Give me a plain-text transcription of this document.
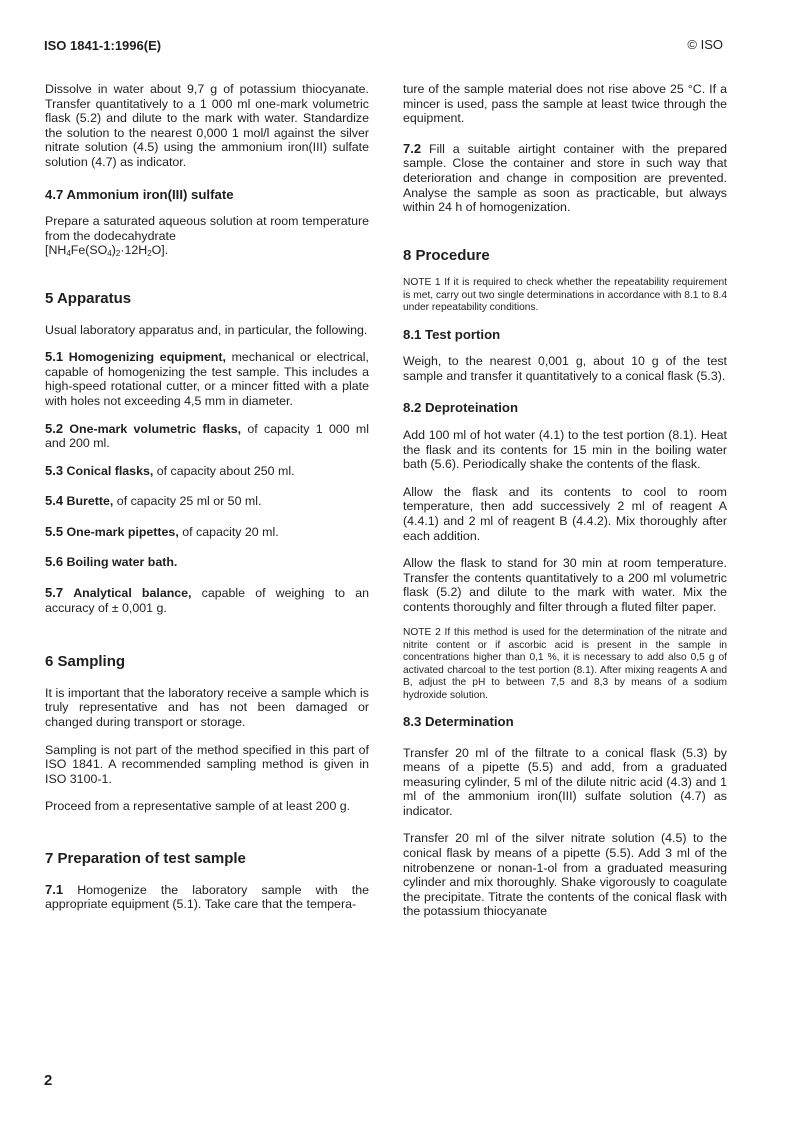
ISO 1841-1:1996(E)	© ISO

Dissolve in water about 9,7 g of potassium thiocyanate. Transfer quantitatively to a 1 000 ml one-mark volumetric flask (5.2) and dilute to the mark with water. Standardize the solution to the nearest 0,000 1 mol/l against the silver nitrate solution (4.5) using the ammonium iron(III) sulfate solution (4.7) as indicator.

4.7 Ammonium iron(III) sulfate

Prepare a saturated aqueous solution at room temperature from the dodecahydrate
$[NH_4Fe(SO_4)_2\cdot 12H_2O]$.

5 Apparatus

Usual laboratory apparatus and, in particular, the following.

5.1 Homogenizing equipment, mechanical or electrical, capable of homogenizing the test sample. This includes a high-speed rotational cutter, or a mincer fitted with a plate with holes not exceeding 4,5 mm in diameter.

5.2 One-mark volumetric flasks, of capacity 1 000 ml and 200 ml.

5.3 Conical flasks, of capacity about 250 ml.

5.4 Burette, of capacity 25 ml or 50 ml.

5.5 One-mark pipettes, of capacity 20 ml.

5.6 Boiling water bath.

5.7 Analytical balance, capable of weighing to an accuracy of ± 0,001 g.

6 Sampling

It is important that the laboratory receive a sample which is truly representative and has not been damaged or changed during transport or storage.

Sampling is not part of the method specified in this part of ISO 1841. A recommended sampling method is given in ISO 3100-1.

Proceed from a representative sample of at least 200 g.

7 Preparation of test sample

7.1 Homogenize the laboratory sample with the appropriate equipment (5.1). Take care that the tempera-

ture of the sample material does not rise above 25 °C. If a mincer is used, pass the sample at least twice through the equipment.

7.2 Fill a suitable airtight container with the prepared sample. Close the container and store in such way that deterioration and change in composition are prevented. Analyse the sample as soon as practicable, but always within 24 h of homogenization.

8 Procedure
NOTE 1 If it is required to check whether the repeatability requirement is met, carry out two single determinations in accordance with 8.1 to 8.4 under repeatability conditions.
8.1 Test portion

Weigh, to the nearest 0,001 g, about 10 g of the test sample and transfer it quantitatively to a conical flask (5.3).

8.2 Deproteination

Add 100 ml of hot water (4.1) to the test portion (8.1). Heat the flask and its contents for 15 min in the boiling water bath (5.6). Periodically shake the contents of the flask.

Allow the flask and its contents to cool to room temperature, then add successively 2 ml of reagent A (4.4.1) and 2 ml of reagent B (4.4.2). Mix thoroughly after each addition.

Allow the flask to stand for 30 min at room temperature. Transfer the contents quantitatively to a 200 ml volumetric flask (5.2) and dilute to the mark with water. Mix the contents thoroughly and filter through a fluted filter paper.

NOTE 2 If this method is used for the determination of the nitrate and nitrite content or if ascorbic acid is present in the sample in concentrations higher than 0,1 %, it is necessary to add also 0,5 g of activated charcoal to the test portion (8.1). After mixing reagents A and B, adjust the pH to between 7,5 and 8,3 by means of a sodium hydroxide solution.
8.3 Determination

Transfer 20 ml of the filtrate to a conical flask (5.3) by means of a pipette (5.5) and add, from a graduated measuring cylinder, 5 ml of the dilute nitric acid (4.3) and 1 ml of the ammonium iron(III) sulfate solution (4.7) as indicator.

Transfer 20 ml of the silver nitrate solution (4.5) to the conical flask by means of a pipette (5.5). Add 3 ml of the nitrobenzene or nonan-1-ol from a graduated measuring cylinder and mix thoroughly. Shake vigorously to coagulate the precipitate. Titrate the contents of the conical flask with the potassium thiocyanate

2
